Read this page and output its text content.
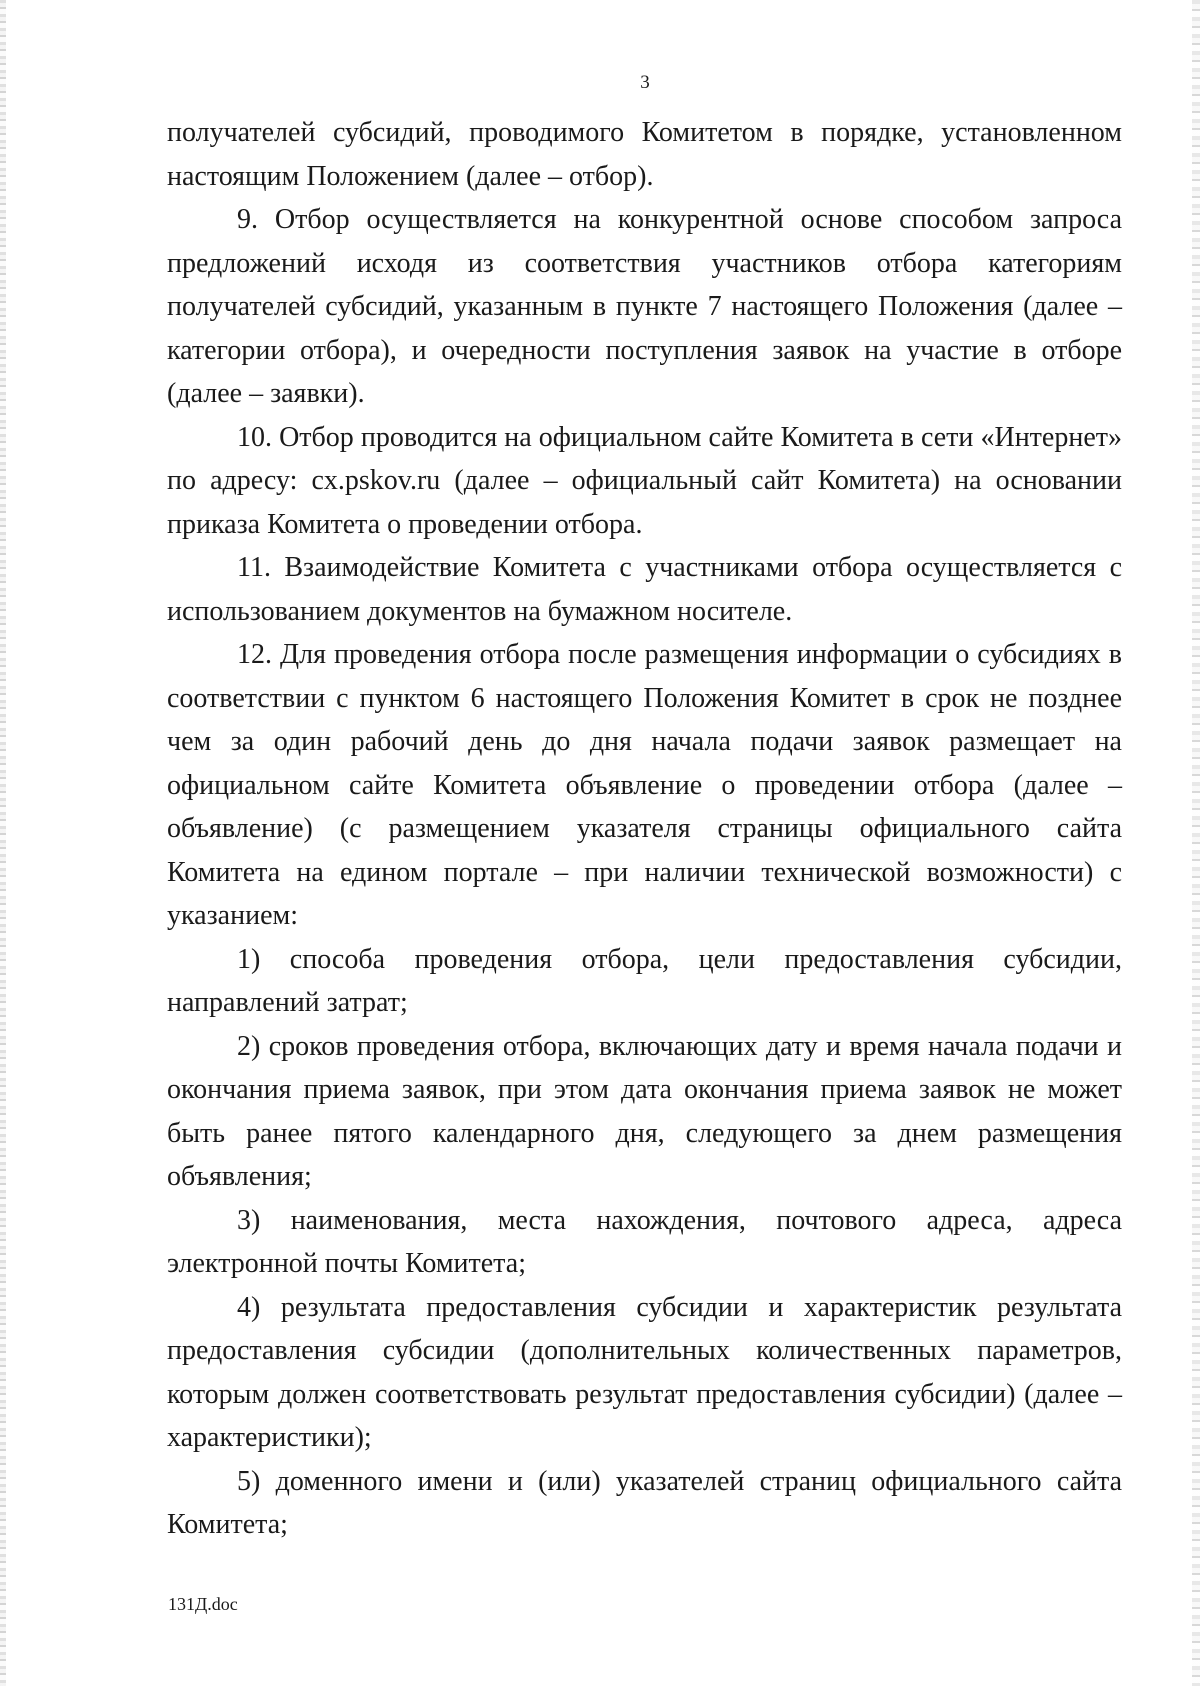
3

получателей субсидий, проводимого Комитетом в порядке, установленном настоящим Положением (далее – отбор).

9. Отбор осуществляется на конкурентной основе способом запроса предложений исходя из соответствия участников отбора категориям получателей субсидий, указанным в пункте 7 настоящего Положения (далее – категории отбора), и очередности поступления заявок на участие в отборе (далее – заявки).

10. Отбор проводится на официальном сайте Комитета в сети «Интернет» по адресу: cx.pskov.ru (далее – официальный сайт Комитета) на основании приказа Комитета о проведении отбора.

11. Взаимодействие Комитета с участниками отбора осуществляется с использованием документов на бумажном носителе.

12. Для проведения отбора после размещения информации о субсидиях в соответствии с пунктом 6 настоящего Положения Комитет в срок не позднее чем за один рабочий день до дня начала подачи заявок размещает на официальном сайте Комитета объявление о проведении отбора (далее – объявление) (с размещением указателя страницы официального сайта Комитета на едином портале – при наличии технической возможности) с указанием:

1) способа проведения отбора, цели предоставления субсидии, направлений затрат;

2) сроков проведения отбора, включающих дату и время начала подачи и окончания приема заявок, при этом дата окончания приема заявок не может быть ранее пятого календарного дня, следующего за днем размещения объявления;

3) наименования, места нахождения, почтового адреса, адреса электронной почты Комитета;

4) результата предоставления субсидии и характеристик результата предоставления субсидии (дополнительных количественных параметров, которым должен соответствовать результат предоставления субсидии) (далее – характеристики);

5) доменного имени и (или) указателей страниц официального сайта Комитета;

131Д.doc
